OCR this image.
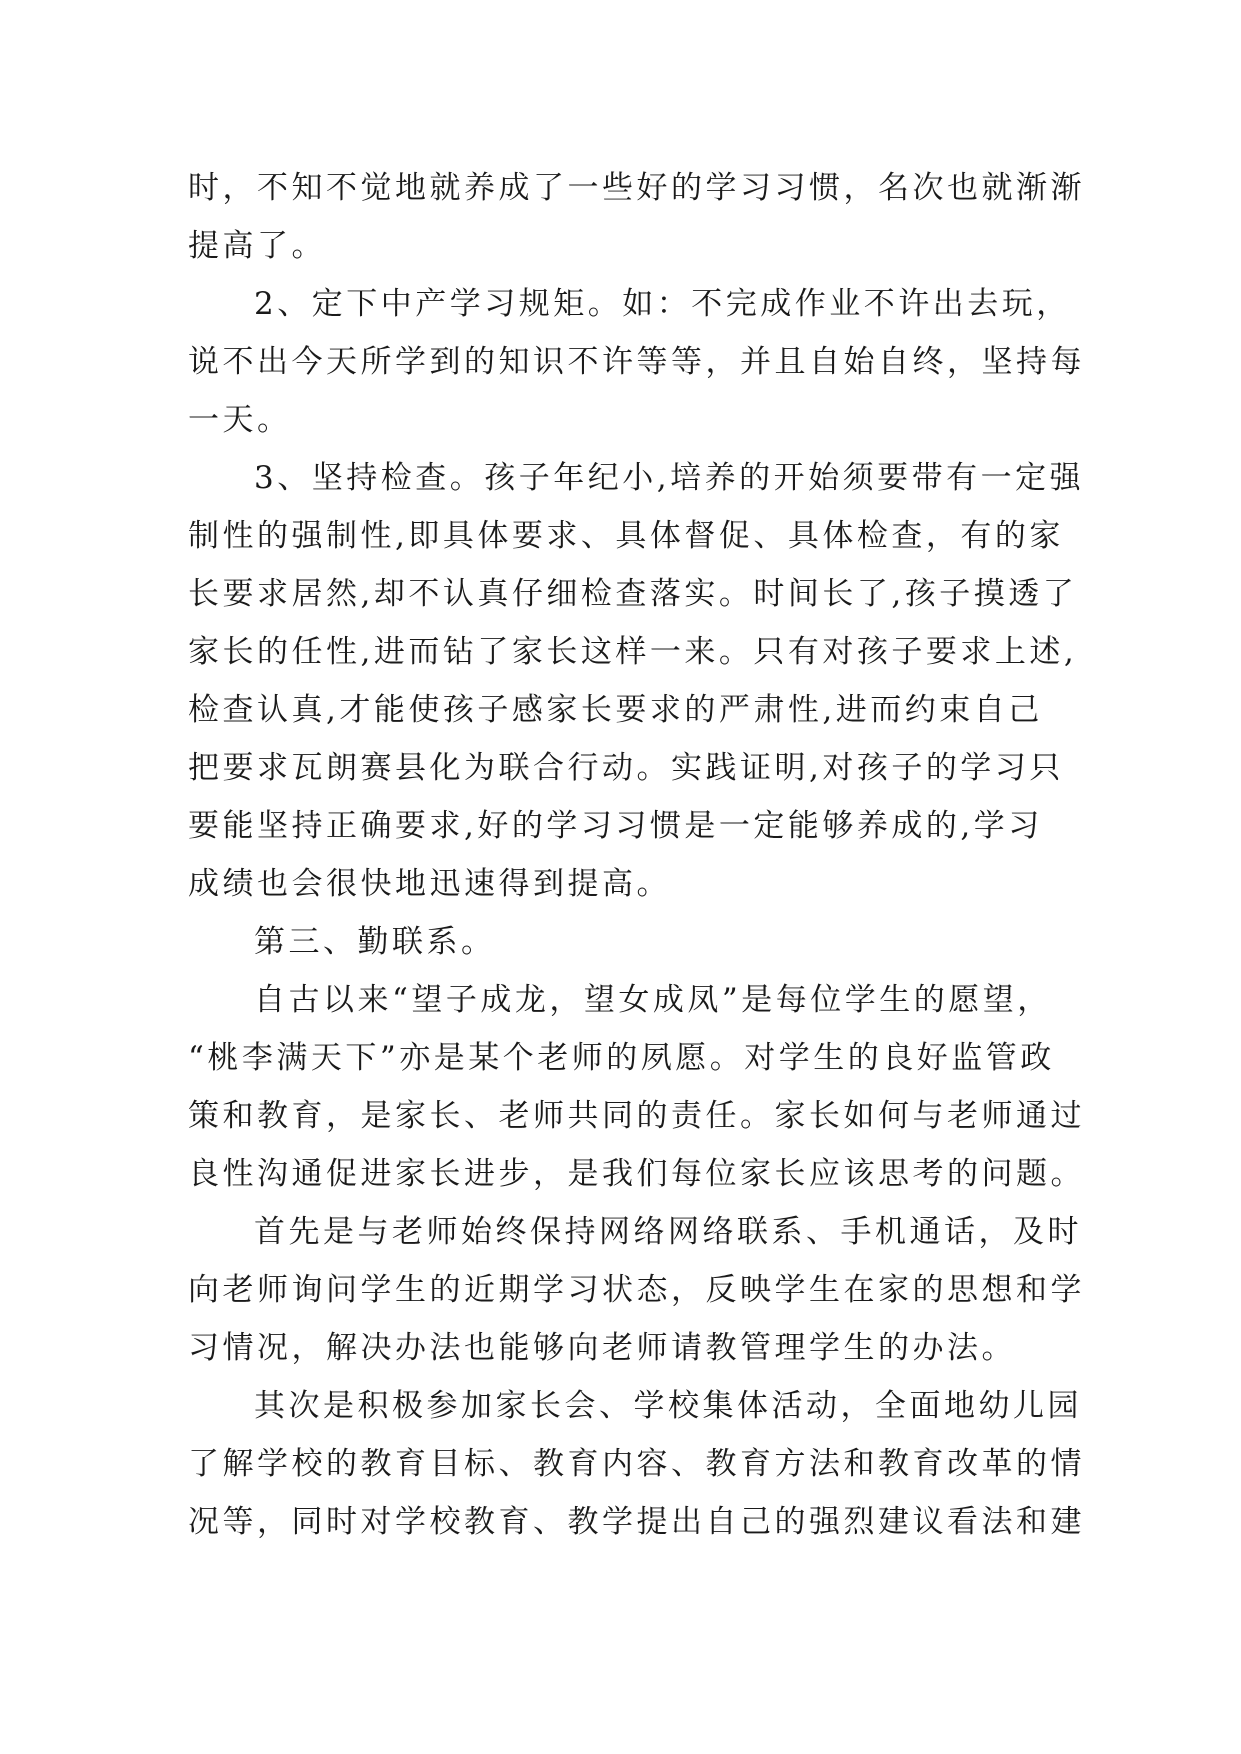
时，不知不觉地就养成了一些好的学习习惯，名次也就渐渐

提高了。

2、定下中产学习规矩。如：不完成作业不许出去玩，

说不出今天所学到的知识不许等等，并且自始自终，坚持每

一天。

3、坚持检查。孩子年纪小,培养的开始须要带有一定强

制性的强制性,即具体要求、具体督促、具体检查，有的家

长要求居然,却不认真仔细检查落实。时间长了,孩子摸透了

家长的任性,进而钻了家长这样一来。只有对孩子要求上述,

检查认真,才能使孩子感家长要求的严肃性,进而约束自己

把要求瓦朗赛县化为联合行动。实践证明,对孩子的学习只

要能坚持正确要求,好的学习习惯是一定能够养成的,学习

成绩也会很快地迅速得到提高。

第三、勤联系。

自古以来“望子成龙，望女成凤”是每位学生的愿望，

“桃李满天下”亦是某个老师的夙愿。对学生的良好监管政

策和教育，是家长、老师共同的责任。家长如何与老师通过

良性沟通促进家长进步，是我们每位家长应该思考的问题。

首先是与老师始终保持网络网络联系、手机通话，及时

向老师询问学生的近期学习状态，反映学生在家的思想和学

习情况，解决办法也能够向老师请教管理学生的办法。

其次是积极参加家长会、学校集体活动，全面地幼儿园

了解学校的教育目标、教育内容、教育方法和教育改革的情

况等，同时对学校教育、教学提出自己的强烈建议看法和建
